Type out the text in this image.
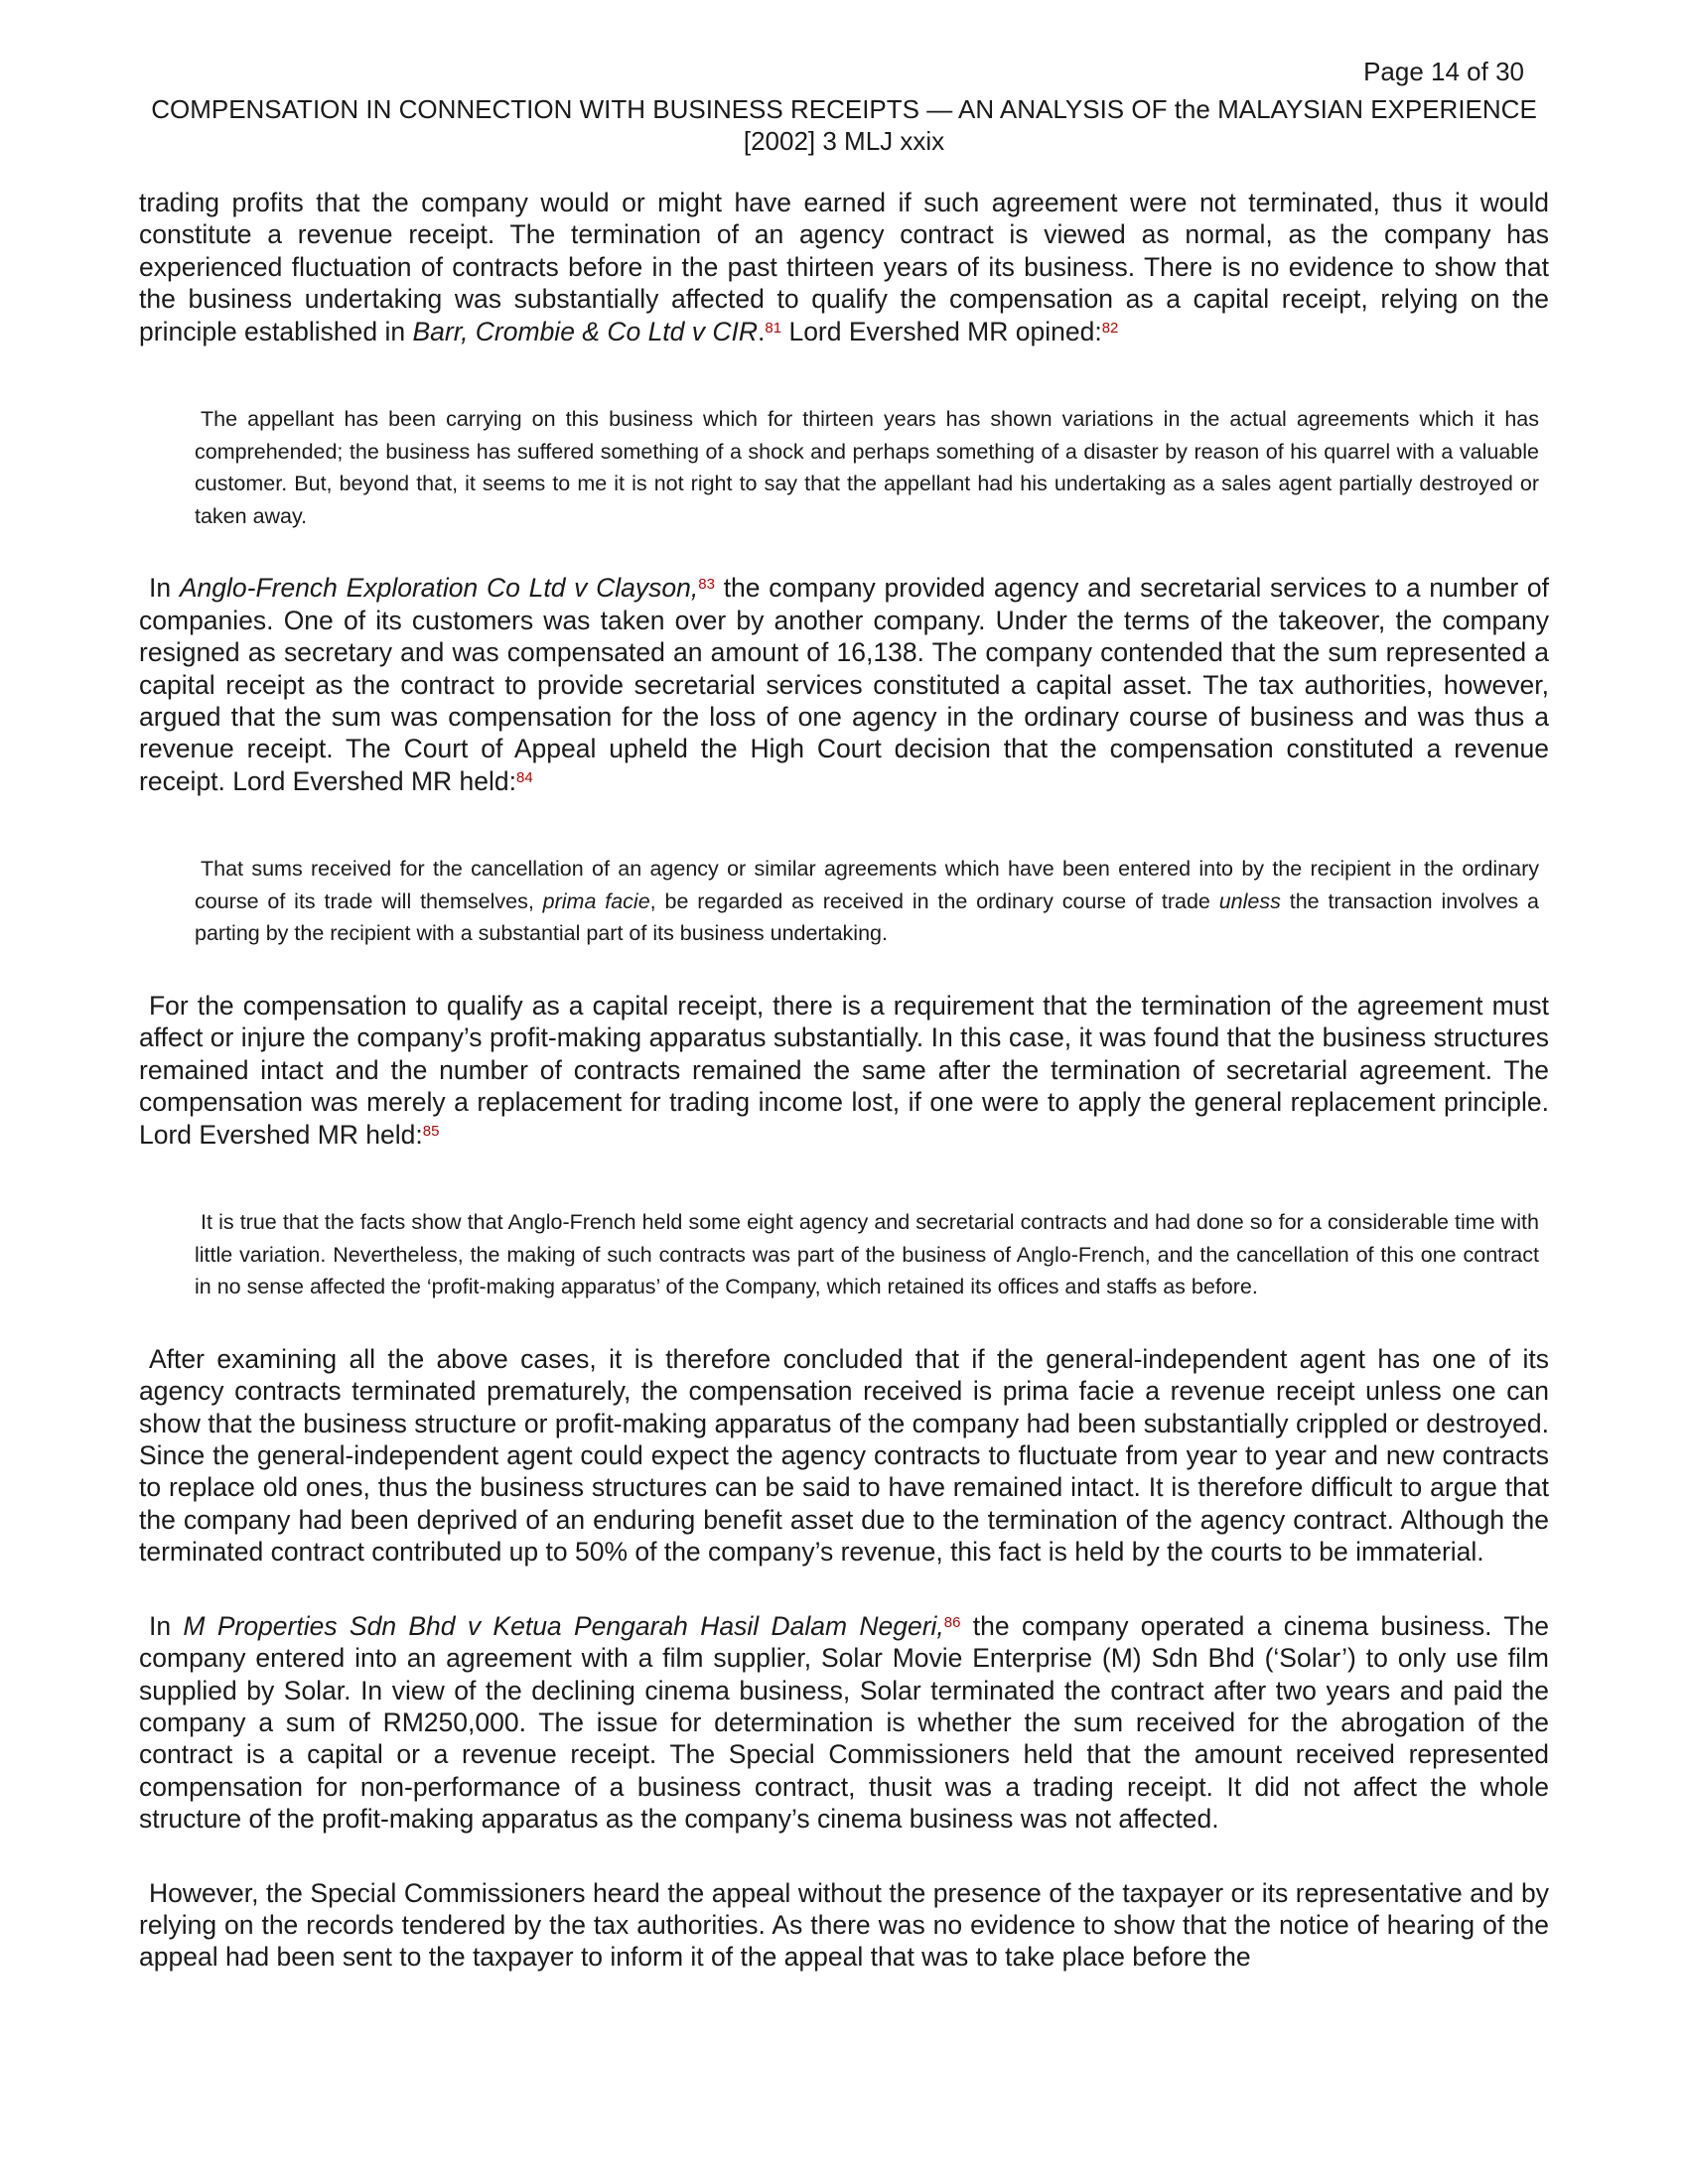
Page 14 of 30
COMPENSATION IN CONNECTION WITH BUSINESS RECEIPTS — AN ANALYSIS OF the MALAYSIAN EXPERIENCE [2002] 3 MLJ xxix

trading profits that the company would or might have earned if such agreement were not terminated, thus it would constitute a revenue receipt. The termination of an agency contract is viewed as normal, as the company has experienced fluctuation of contracts before in the past thirteen years of its business. There is no evidence to show that the business undertaking was substantially affected to qualify the compensation as a capital receipt, relying on the principle established in Barr, Crombie & Co Ltd v CIR.$^{81}$ Lord Evershed MR opined:$^{82}$

The appellant has been carrying on this business which for thirteen years has shown variations in the actual agreements which it has comprehended; the business has suffered something of a shock and perhaps something of a disaster by reason of his quarrel with a valuable customer. But, beyond that, it seems to me it is not right to say that the appellant had his undertaking as a sales agent partially destroyed or taken away.

In Anglo-French Exploration Co Ltd v Clayson,$^{83}$ the company provided agency and secretarial services to a number of companies. One of its customers was taken over by another company. Under the terms of the takeover, the company resigned as secretary and was compensated an amount of 16,138. The company contended that the sum represented a capital receipt as the contract to provide secretarial services constituted a capital asset. The tax authorities, however, argued that the sum was compensation for the loss of one agency in the ordinary course of business and was thus a revenue receipt. The Court of Appeal upheld the High Court decision that the compensation constituted a revenue receipt. Lord Evershed MR held:$^{84}$

That sums received for the cancellation of an agency or similar agreements which have been entered into by the recipient in the ordinary course of its trade will themselves, prima facie, be regarded as received in the ordinary course of trade unless the transaction involves a parting by the recipient with a substantial part of its business undertaking.

For the compensation to qualify as a capital receipt, there is a requirement that the termination of the agreement must affect or injure the company’s profit-making apparatus substantially. In this case, it was found that the business structures remained intact and the number of contracts remained the same after the termination of secretarial agreement. The compensation was merely a replacement for trading income lost, if one were to apply the general replacement principle. Lord Evershed MR held:$^{85}$

It is true that the facts show that Anglo-French held some eight agency and secretarial contracts and had done so for a considerable time with little variation. Nevertheless, the making of such contracts was part of the business of Anglo-French, and the cancellation of this one contract in no sense affected the ‘profit-making apparatus’ of the Company, which retained its offices and staffs as before.

After examining all the above cases, it is therefore concluded that if the general-independent agent has one of its agency contracts terminated prematurely, the compensation received is prima facie a revenue receipt unless one can show that the business structure or profit-making apparatus of the company had been substantially crippled or destroyed. Since the general-independent agent could expect the agency contracts to fluctuate from year to year and new contracts to replace old ones, thus the business structures can be said to have remained intact. It is therefore difficult to argue that the company had been deprived of an enduring benefit asset due to the termination of the agency contract. Although the terminated contract contributed up to 50% of the company’s revenue, this fact is held by the courts to be immaterial.

In M Properties Sdn Bhd v Ketua Pengarah Hasil Dalam Negeri,$^{86}$ the company operated a cinema business. The company entered into an agreement with a film supplier, Solar Movie Enterprise (M) Sdn Bhd (‘Solar’) to only use film supplied by Solar. In view of the declining cinema business, Solar terminated the contract after two years and paid the company a sum of RM250,000. The issue for determination is whether the sum received for the abrogation of the contract is a capital or a revenue receipt. The Special Commissioners held that the amount received represented compensation for non-performance of a business contract, thusit was a trading receipt. It did not affect the whole structure of the profit-making apparatus as the company’s cinema business was not affected.

However, the Special Commissioners heard the appeal without the presence of the taxpayer or its representative and by relying on the records tendered by the tax authorities. As there was no evidence to show that the notice of hearing of the appeal had been sent to the taxpayer to inform it of the appeal that was to take place before the
